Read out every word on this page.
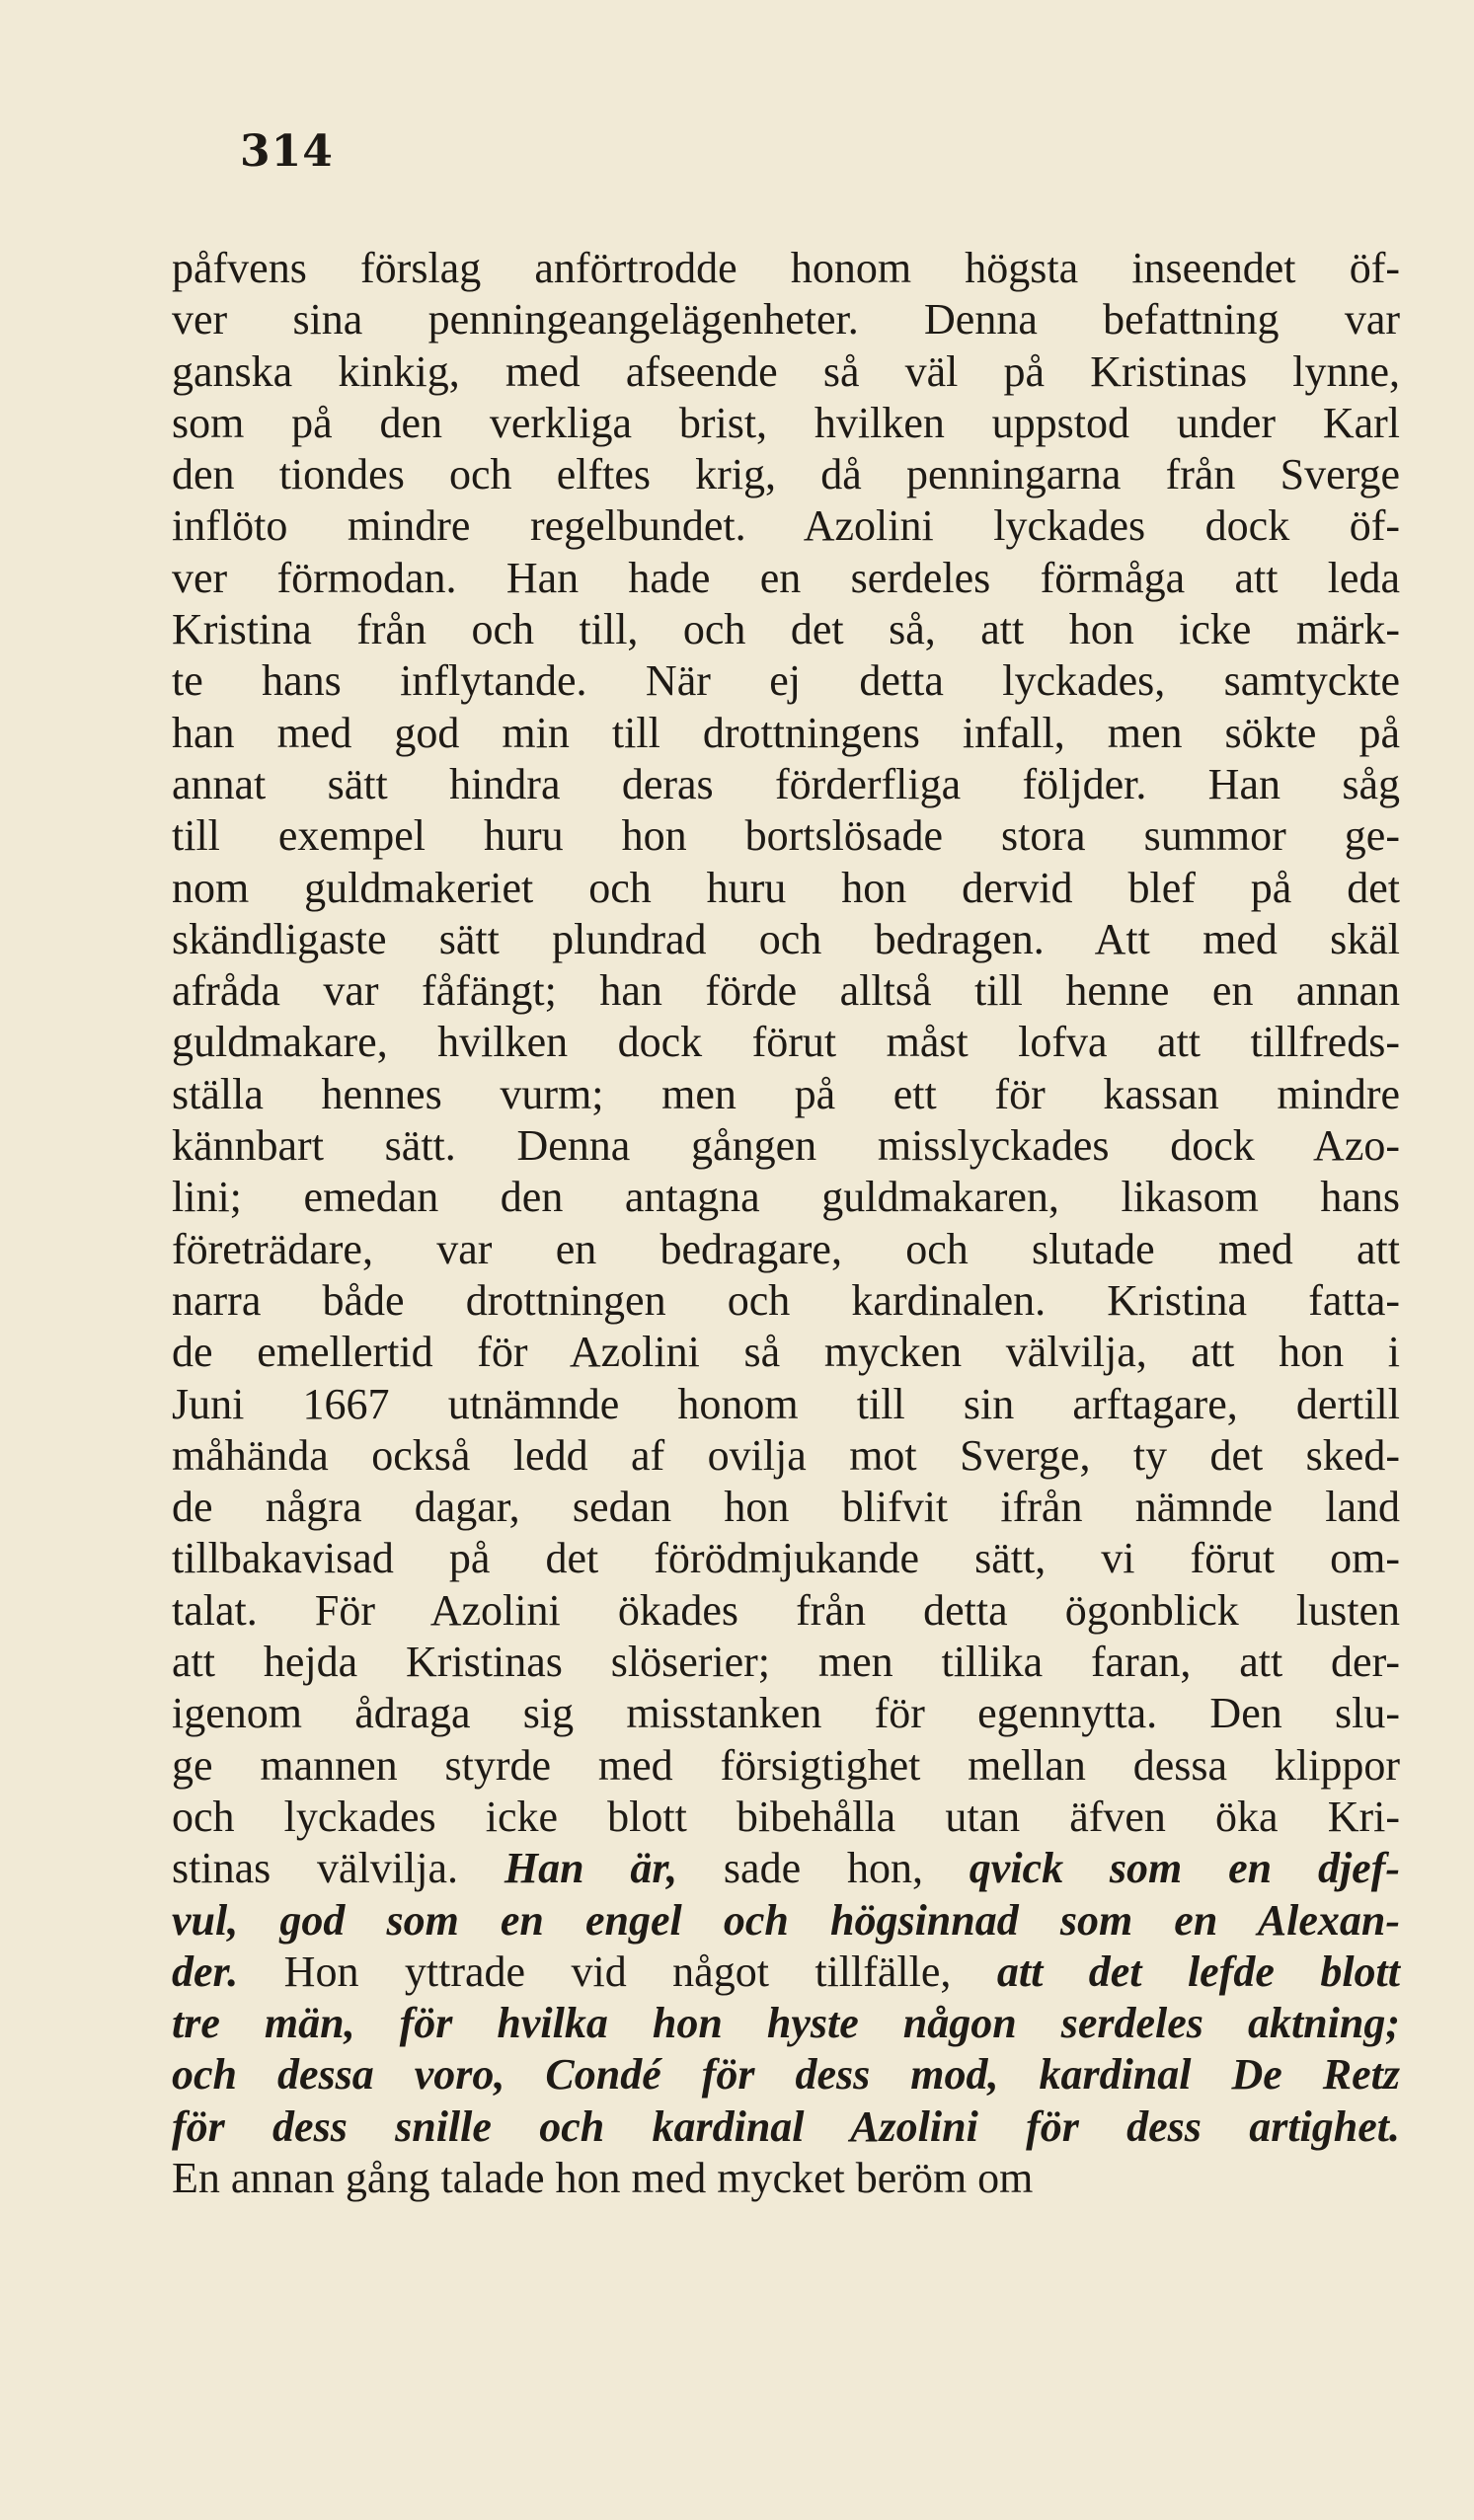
314
påfvens förslag anförtrodde honom högsta inseendet öf-
ver sina penningeangelägenheter. Denna befattning var
ganska kinkig, med afseende så väl på Kristinas lynne,
som på den verkliga brist, hvilken uppstod under Karl
den tiondes och elftes krig, då penningarna från Sverge
inflöto mindre regelbundet. Azolini lyckades dock öf-
ver förmodan. Han hade en serdeles förmåga att leda
Kristina från och till, och det så, att hon icke märk-
te hans inflytande. När ej detta lyckades, samtyckte
han med god min till drottningens infall, men sökte på
annat sätt hindra deras förderfliga följder. Han såg
till exempel huru hon bortslösade stora summor ge-
nom guldmakeriet och huru hon dervid blef på det
skändligaste sätt plundrad och bedragen. Att med skäl
afråda var fåfängt; han förde alltså till henne en annan
guldmakare, hvilken dock förut måst lofva att tillfreds-
ställa hennes vurm; men på ett för kassan mindre
kännbart sätt. Denna gången misslyckades dock Azo-
lini; emedan den antagna guldmakaren, likasom hans
företrädare, var en bedragare, och slutade med att
narra både drottningen och kardinalen. Kristina fatta-
de emellertid för Azolini så mycken välvilja, att hon i
Juni 1667 utnämnde honom till sin arftagare, dertill
måhända också ledd af ovilja mot Sverge, ty det sked-
de några dagar, sedan hon blifvit ifrån nämnde land
tillbakavisad på det förödmjukande sätt, vi förut om-
talat. För Azolini ökades från detta ögonblick lusten
att hejda Kristinas slöserier; men tillika faran, att der-
igenom ådraga sig misstanken för egennytta. Den slu-
ge mannen styrde med försigtighet mellan dessa klippor
och lyckades icke blott bibehålla utan äfven öka Kri-
stinas välvilja. Han är, sade hon, qvick som en djef-
vul, god som en engel och högsinnad som en Alexan-
der. Hon yttrade vid något tillfälle, att det lefde blott
tre män, för hvilka hon hyste någon serdeles aktning;
och dessa voro, Condé för dess mod, kardinal De Retz
för dess snille och kardinal Azolini för dess artighet.
En annan gång talade hon med mycket beröm om
